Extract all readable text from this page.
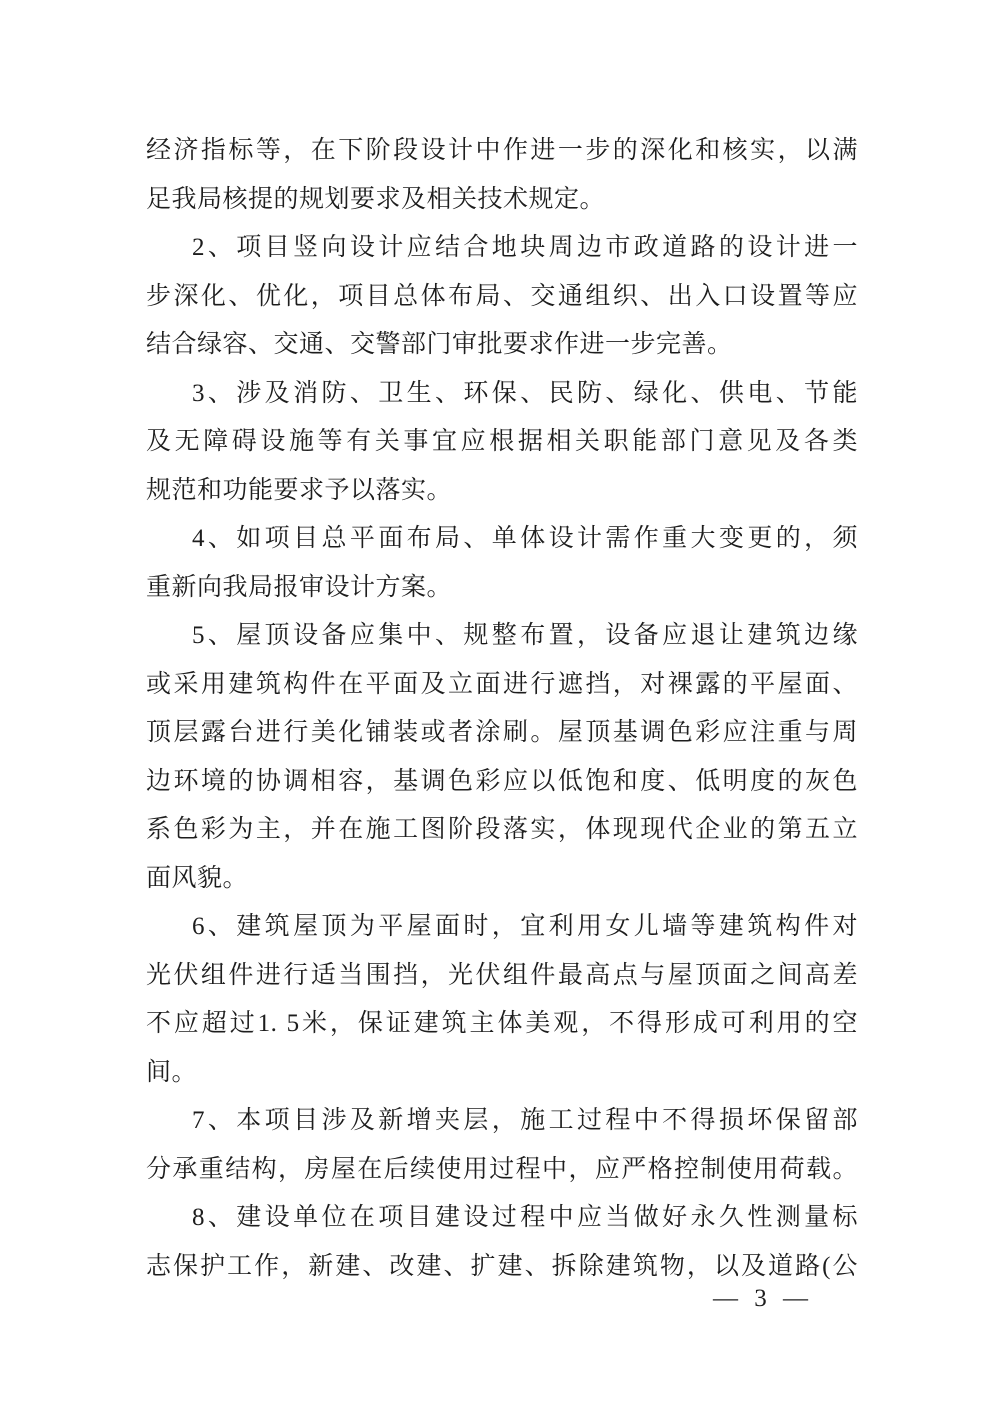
经济指标等，在下阶段设计中作进一步的深化和核实，以满
足我局核提的规划要求及相关技术规定。
2、项目竖向设计应结合地块周边市政道路的设计进一
步深化、优化，项目总体布局、交通组织、出入口设置等应
结合绿容、交通、交警部门审批要求作进一步完善。
3、涉及消防、卫生、环保、民防、绿化、供电、节能
及无障碍设施等有关事宜应根据相关职能部门意见及各类
规范和功能要求予以落实。
4、如项目总平面布局、单体设计需作重大变更的，须
重新向我局报审设计方案。
5、屋顶设备应集中、规整布置，设备应退让建筑边缘
或采用建筑构件在平面及立面进行遮挡，对裸露的平屋面、
顶层露台进行美化铺装或者涂刷。屋顶基调色彩应注重与周
边环境的协调相容，基调色彩应以低饱和度、低明度的灰色
系色彩为主，并在施工图阶段落实，体现现代企业的第五立
面风貌。
6、建筑屋顶为平屋面时，宜利用女儿墙等建筑构件对
光伏组件进行适当围挡，光伏组件最高点与屋顶面之间高差
不应超过1. 5米，保证建筑主体美观，不得形成可利用的空
间。
7、本项目涉及新增夹层，施工过程中不得损坏保留部
分承重结构，房屋在后续使用过程中，应严格控制使用荷载。
8、建设单位在项目建设过程中应当做好永久性测量标
志保护工作，新建、改建、扩建、拆除建筑物，以及道路(公
— 3 —
